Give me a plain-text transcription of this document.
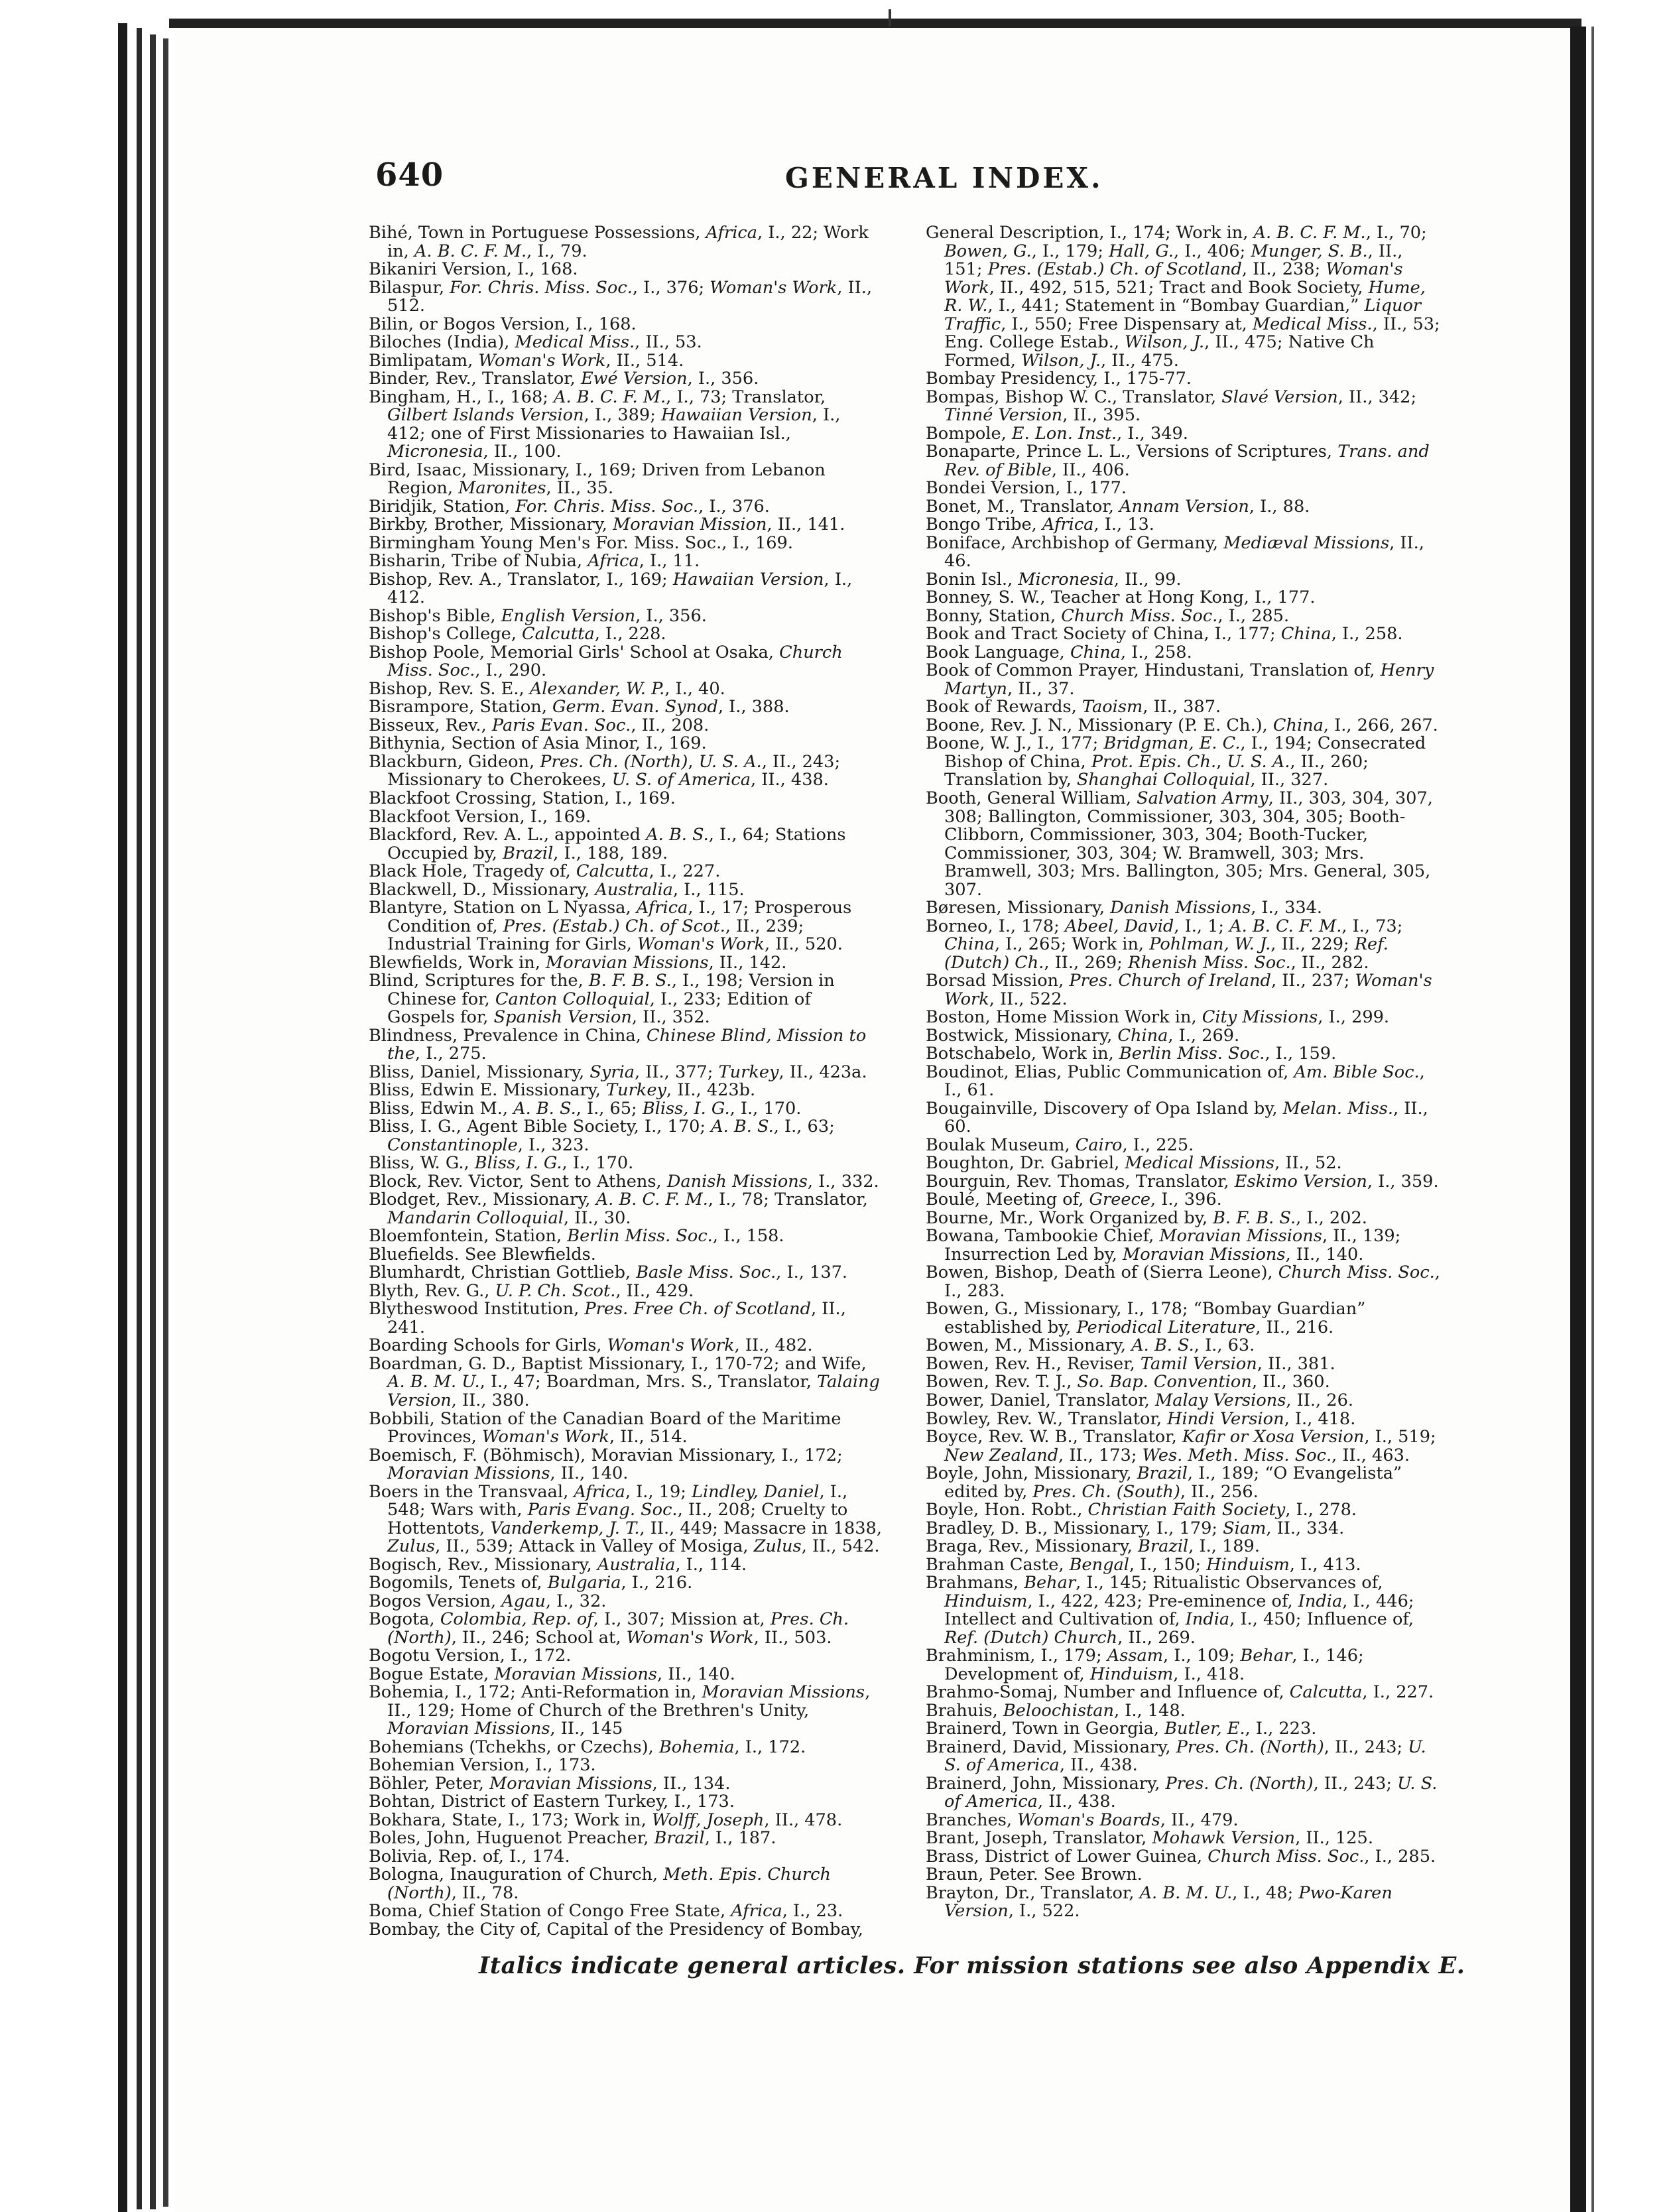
640	GENERAL INDEX.

Bihé, Town in Portuguese Possessions, Africa, I., 22; Work in, A. B. C. F. M., I., 79.

Bikaniri Version, I., 168.

Bilaspur, For. Chris. Miss. Soc., I., 376; Woman's Work, II., 512.

Bilin, or Bogos Version, I., 168.

Biloches (India), Medical Miss., II., 53.

Bimlipatam, Woman's Work, II., 514.

Binder, Rev., Translator, Ewé Version, I., 356.

Bingham, H., I., 168; A. B. C. F. M., I., 73; Translator, Gilbert Islands Version, I., 389; Hawaiian Version, I., 412; one of First Missionaries to Hawaiian Isl., Micronesia, II., 100.

Bird, Isaac, Missionary, I., 169; Driven from Lebanon Region, Maronites, II., 35.

Biridjik, Station, For. Chris. Miss. Soc., I., 376.

Birkby, Brother, Missionary, Moravian Mission, II., 141.

Birmingham Young Men's For. Miss. Soc., I., 169.

Bisharin, Tribe of Nubia, Africa, I., 11.

Bishop, Rev. A., Translator, I., 169; Hawaiian Version, I., 412.

Bishop's Bible, English Version, I., 356.

Bishop's College, Calcutta, I., 228.

Bishop Poole, Memorial Girls' School at Osaka, Church Miss. Soc., I., 290.

Bishop, Rev. S. E., Alexander, W. P., I., 40.

Bisrampore, Station, Germ. Evan. Synod, I., 388.

Bisseux, Rev., Paris Evan. Soc., II., 208.

Bithynia, Section of Asia Minor, I., 169.

Blackburn, Gideon, Pres. Ch. (North), U. S. A., II., 243; Missionary to Cherokees, U. S. of America, II., 438.

Blackfoot Crossing, Station, I., 169.

Blackfoot Version, I., 169.

Blackford, Rev. A. L., appointed A. B. S., I., 64; Stations Occupied by, Brazil, I., 188, 189.

Black Hole, Tragedy of, Calcutta, I., 227.

Blackwell, D., Missionary, Australia, I., 115.

Blantyre, Station on L Nyassa, Africa, I., 17; Prosperous Condition of, Pres. (Estab.) Ch. of Scot., II., 239; Industrial Training for Girls, Woman's Work, II., 520.

Blewfields, Work in, Moravian Missions, II., 142.

Blind, Scriptures for the, B. F. B. S., I., 198; Version in Chinese for, Canton Colloquial, I., 233; Edition of Gospels for, Spanish Version, II., 352.

Blindness, Prevalence in China, Chinese Blind, Mission to the, I., 275.

Bliss, Daniel, Missionary, Syria, II., 377; Turkey, II., 423a.

Bliss, Edwin E. Missionary, Turkey, II., 423b.

Bliss, Edwin M., A. B. S., I., 65; Bliss, I. G., I., 170.

Bliss, I. G., Agent Bible Society, I., 170; A. B. S., I., 63; Constantinople, I., 323.

Bliss, W. G., Bliss, I. G., I., 170.

Block, Rev. Victor, Sent to Athens, Danish Missions, I., 332.

Blodget, Rev., Missionary, A. B. C. F. M., I., 78; Translator, Mandarin Colloquial, II., 30.

Bloemfontein, Station, Berlin Miss. Soc., I., 158.

Bluefields. See Blewfields.

Blumhardt, Christian Gottlieb, Basle Miss. Soc., I., 137.

Blyth, Rev. G., U. P. Ch. Scot., II., 429.

Blytheswood Institution, Pres. Free Ch. of Scotland, II., 241.

Boarding Schools for Girls, Woman's Work, II., 482.

Boardman, G. D., Baptist Missionary, I., 170-72; and Wife, A. B. M. U., I., 47; Boardman, Mrs. S., Translator, Talaing Version, II., 380.

Bobbili, Station of the Canadian Board of the Maritime Provinces, Woman's Work, II., 514.

Boemisch, F. (Böhmisch), Moravian Missionary, I., 172; Moravian Missions, II., 140.

Boers in the Transvaal, Africa, I., 19; Lindley, Daniel, I., 548; Wars with, Paris Evang. Soc., II., 208; Cruelty to Hottentots, Vanderkemp, J. T., II., 449; Massacre in 1838, Zulus, II., 539; Attack in Valley of Mosiga, Zulus, II., 542.

Bogisch, Rev., Missionary, Australia, I., 114.

Bogomils, Tenets of, Bulgaria, I., 216.

Bogos Version, Agau, I., 32.

Bogota, Colombia, Rep. of, I., 307; Mission at, Pres. Ch. (North), II., 246; School at, Woman's Work, II., 503.

Bogotu Version, I., 172.

Bogue Estate, Moravian Missions, II., 140.

Bohemia, I., 172; Anti-Reformation in, Moravian Missions, II., 129; Home of Church of the Brethren's Unity, Moravian Missions, II., 145

Bohemians (Tchekhs, or Czechs), Bohemia, I., 172.

Bohemian Version, I., 173.

Böhler, Peter, Moravian Missions, II., 134.

Bohtan, District of Eastern Turkey, I., 173.

Bokhara, State, I., 173; Work in, Wolff, Joseph, II., 478.

Boles, John, Huguenot Preacher, Brazil, I., 187.

Bolivia, Rep. of, I., 174.

Bologna, Inauguration of Church, Meth. Epis. Church (North), II., 78.

Boma, Chief Station of Congo Free State, Africa, I., 23.

Bombay, the City of, Capital of the Presidency of Bombay,

General Description, I., 174; Work in, A. B. C. F. M., I., 70; Bowen, G., I., 179; Hall, G., I., 406; Munger, S. B., II., 151; Pres. (Estab.) Ch. of Scotland, II., 238; Woman's Work, II., 492, 515, 521; Tract and Book Society, Hume, R. W., I., 441; Statement in “Bombay Guardian,” Liquor Traffic, I., 550; Free Dispensary at, Medical Miss., II., 53; Eng. College Estab., Wilson, J., II., 475; Native Ch Formed, Wilson, J., II., 475.

Bombay Presidency, I., 175-77.

Bompas, Bishop W. C., Translator, Slavé Version, II., 342; Tinné Version, II., 395.

Bompole, E. Lon. Inst., I., 349.

Bonaparte, Prince L. L., Versions of Scriptures, Trans. and Rev. of Bible, II., 406.

Bondei Version, I., 177.

Bonet, M., Translator, Annam Version, I., 88.

Bongo Tribe, Africa, I., 13.

Boniface, Archbishop of Germany, Mediæval Missions, II., 46.

Bonin Isl., Micronesia, II., 99.

Bonney, S. W., Teacher at Hong Kong, I., 177.

Bonny, Station, Church Miss. Soc., I., 285.

Book and Tract Society of China, I., 177; China, I., 258.

Book Language, China, I., 258.

Book of Common Prayer, Hindustani, Translation of, Henry Martyn, II., 37.

Book of Rewards, Taoism, II., 387.

Boone, Rev. J. N., Missionary (P. E. Ch.), China, I., 266, 267.

Boone, W. J., I., 177; Bridgman, E. C., I., 194; Consecrated Bishop of China, Prot. Epis. Ch., U. S. A., II., 260; Translation by, Shanghai Colloquial, II., 327.

Booth, General William, Salvation Army, II., 303, 304, 307, 308; Ballington, Commissioner, 303, 304, 305; Booth-Clibborn, Commissioner, 303, 304; Booth-Tucker, Commissioner, 303, 304; W. Bramwell, 303; Mrs. Bramwell, 303; Mrs. Ballington, 305; Mrs. General, 305, 307.

Børesen, Missionary, Danish Missions, I., 334.

Borneo, I., 178; Abeel, David, I., 1; A. B. C. F. M., I., 73; China, I., 265; Work in, Pohlman, W. J., II., 229; Ref. (Dutch) Ch., II., 269; Rhenish Miss. Soc., II., 282.

Borsad Mission, Pres. Church of Ireland, II., 237; Woman's Work, II., 522.

Boston, Home Mission Work in, City Missions, I., 299.

Bostwick, Missionary, China, I., 269.

Botschabelo, Work in, Berlin Miss. Soc., I., 159.

Boudinot, Elias, Public Communication of, Am. Bible Soc., I., 61.

Bougainville, Discovery of Opa Island by, Melan. Miss., II., 60.

Boulak Museum, Cairo, I., 225.

Boughton, Dr. Gabriel, Medical Missions, II., 52.

Bourguin, Rev. Thomas, Translator, Eskimo Version, I., 359.

Boulé, Meeting of, Greece, I., 396.

Bourne, Mr., Work Organized by, B. F. B. S., I., 202.

Bowana, Tambookie Chief, Moravian Missions, II., 139; Insurrection Led by, Moravian Missions, II., 140.

Bowen, Bishop, Death of (Sierra Leone), Church Miss. Soc., I., 283.

Bowen, G., Missionary, I., 178; “Bombay Guardian” established by, Periodical Literature, II., 216.

Bowen, M., Missionary, A. B. S., I., 63.

Bowen, Rev. H., Reviser, Tamil Version, II., 381.

Bowen, Rev. T. J., So. Bap. Convention, II., 360.

Bower, Daniel, Translator, Malay Versions, II., 26.

Bowley, Rev. W., Translator, Hindi Version, I., 418.

Boyce, Rev. W. B., Translator, Kafir or Xosa Version, I., 519; New Zealand, II., 173; Wes. Meth. Miss. Soc., II., 463.

Boyle, John, Missionary, Brazil, I., 189; “O Evangelista” edited by, Pres. Ch. (South), II., 256.

Boyle, Hon. Robt., Christian Faith Society, I., 278.

Bradley, D. B., Missionary, I., 179; Siam, II., 334.

Braga, Rev., Missionary, Brazil, I., 189.

Brahman Caste, Bengal, I., 150; Hinduism, I., 413.

Brahmans, Behar, I., 145; Ritualistic Observances of, Hinduism, I., 422, 423; Pre-eminence of, India, I., 446; Intellect and Cultivation of, India, I., 450; Influence of, Ref. (Dutch) Church, II., 269.

Brahminism, I., 179; Assam, I., 109; Behar, I., 146; Development of, Hinduism, I., 418.

Brahmo-Somaj, Number and Influence of, Calcutta, I., 227.

Brahuis, Beloochistan, I., 148.

Brainerd, Town in Georgia, Butler, E., I., 223.

Brainerd, David, Missionary, Pres. Ch. (North), II., 243; U. S. of America, II., 438.

Brainerd, John, Missionary, Pres. Ch. (North), II., 243; U. S. of America, II., 438.

Branches, Woman's Boards, II., 479.

Brant, Joseph, Translator, Mohawk Version, II., 125.

Brass, District of Lower Guinea, Church Miss. Soc., I., 285.

Braun, Peter. See Brown.

Brayton, Dr., Translator, A. B. M. U., I., 48; Pwo-Karen Version, I., 522.

Italics indicate general articles. For mission stations see also Appendix E.
